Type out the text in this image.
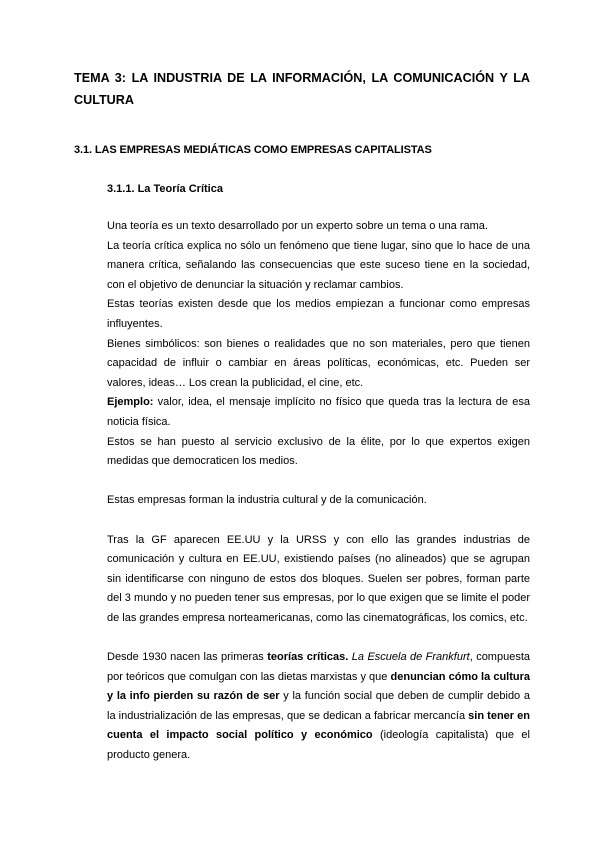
TEMA 3: LA INDUSTRIA DE LA INFORMACIÓN, LA COMUNICACIÓN Y LA CULTURA
3.1. LAS EMPRESAS MEDIÁTICAS COMO EMPRESAS CAPITALISTAS
3.1.1. La Teoría Crítica

Una teoría es un texto desarrollado por un experto sobre un tema o una rama.

La teoría crítica explica no sólo un fenómeno que tiene lugar, sino que lo hace de una manera crítica, señalando las consecuencias que este suceso tiene en la sociedad, con el objetivo de denunciar la situación y reclamar cambios.

Estas teorías existen desde que los medios empiezan a funcionar como empresas influyentes.

Bienes simbólicos: son bienes o realidades que no son materiales, pero que tienen capacidad de influir o cambiar en áreas políticas, económicas, etc. Pueden ser valores, ideas… Los crean la publicidad, el cine, etc.

Ejemplo: valor, idea, el mensaje implícito no físico que queda tras la lectura de esa noticia física.

Estos se han puesto al servicio exclusivo de la élite, por lo que expertos exigen medidas que democraticen los medios.

Estas empresas forman la industria cultural y de la comunicación.

Tras la GF aparecen EE.UU y la URSS y con ello las grandes industrias de comunicación y cultura en EE.UU, existiendo países (no alineados) que se agrupan sin identificarse con ninguno de estos dos bloques. Suelen ser pobres, forman parte del 3 mundo y no pueden tener sus empresas, por lo que exigen que se limite el poder de las grandes empresa norteamericanas, como las cinematográficas, los comics, etc.

Desde 1930 nacen las primeras teorías críticas. La Escuela de Frankfurt, compuesta por teóricos que comulgan con las dietas marxistas y que denuncian cómo la cultura y la info pierden su razón de ser y la función social que deben de cumplir debido a la industrialización de las empresas, que se dedican a fabricar mercancía sin tener en cuenta el impacto social político y económico (ideología capitalista) que el producto genera.
